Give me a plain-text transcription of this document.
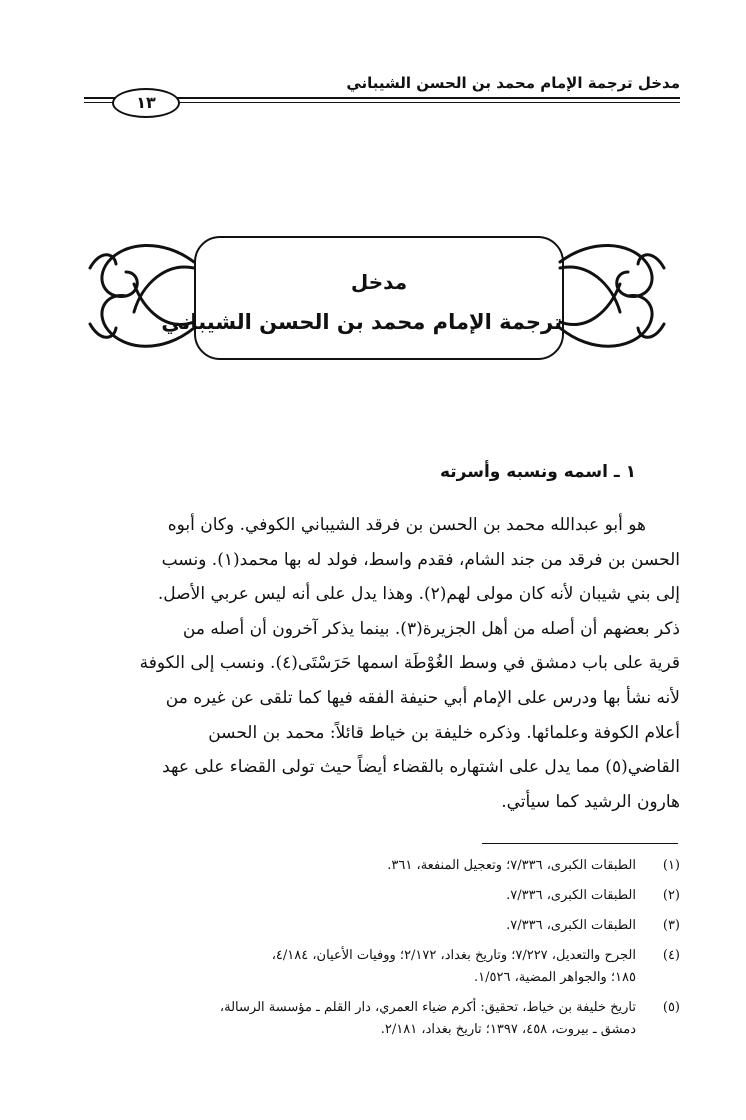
مدخل ترجمة الإمام محمد بن الحسن الشيباني
١٣
مدخل
ترجمة الإمام محمد بن الحسن الشيباني
١ ـ اسمه ونسبه وأسرته
هو أبو عبدالله محمد بن الحسن بن فرقد الشيباني الكوفي. وكان أبوه
الحسن بن فرقد من جند الشام، فقدم واسط، فولد له بها محمد(١). ونسب
إلى بني شيبان لأنه كان مولى لهم(٢). وهذا يدل على أنه ليس عربي الأصل.
ذكر بعضهم أن أصله من أهل الجزيرة(٣). بينما يذكر آخرون أن أصله من
قرية على باب دمشق في وسط الغُوْطَة اسمها حَرَسْتَى(٤). ونسب إلى الكوفة
لأنه نشأ بها ودرس على الإمام أبي حنيفة الفقه فيها كما تلقى عن غيره من
أعلام الكوفة وعلمائها. وذكره خليفة بن خياط قائلاً: محمد بن الحسن
القاضي(٥) مما يدل على اشتهاره بالقضاء أيضاً حيث تولى القضاء على عهد
هارون الرشيد كما سيأتي.
(١)
الطبقات الكبرى، ٧/٣٣٦؛ وتعجيل المنفعة، ٣٦١.
(٢)
الطبقات الكبرى، ٧/٣٣٦.
(٣)
الطبقات الكبرى، ٧/٣٣٦.
(٤)
الجرح والتعديل، ٧/٢٢٧؛ وتاريخ بغداد، ٢/١٧٢؛ ووفيات الأعيان، ٤/١٨٤،
١٨٥؛ والجواهر المضية، ١/٥٢٦.
(٥)
تاريخ خليفة بن خياط، تحقيق: أكرم ضياء العمري، دار القلم ـ مؤسسة الرسالة،
دمشق ـ بيروت، ٤٥٨، ١٣٩٧؛ تاريخ بغداد، ٢/١٨١.
